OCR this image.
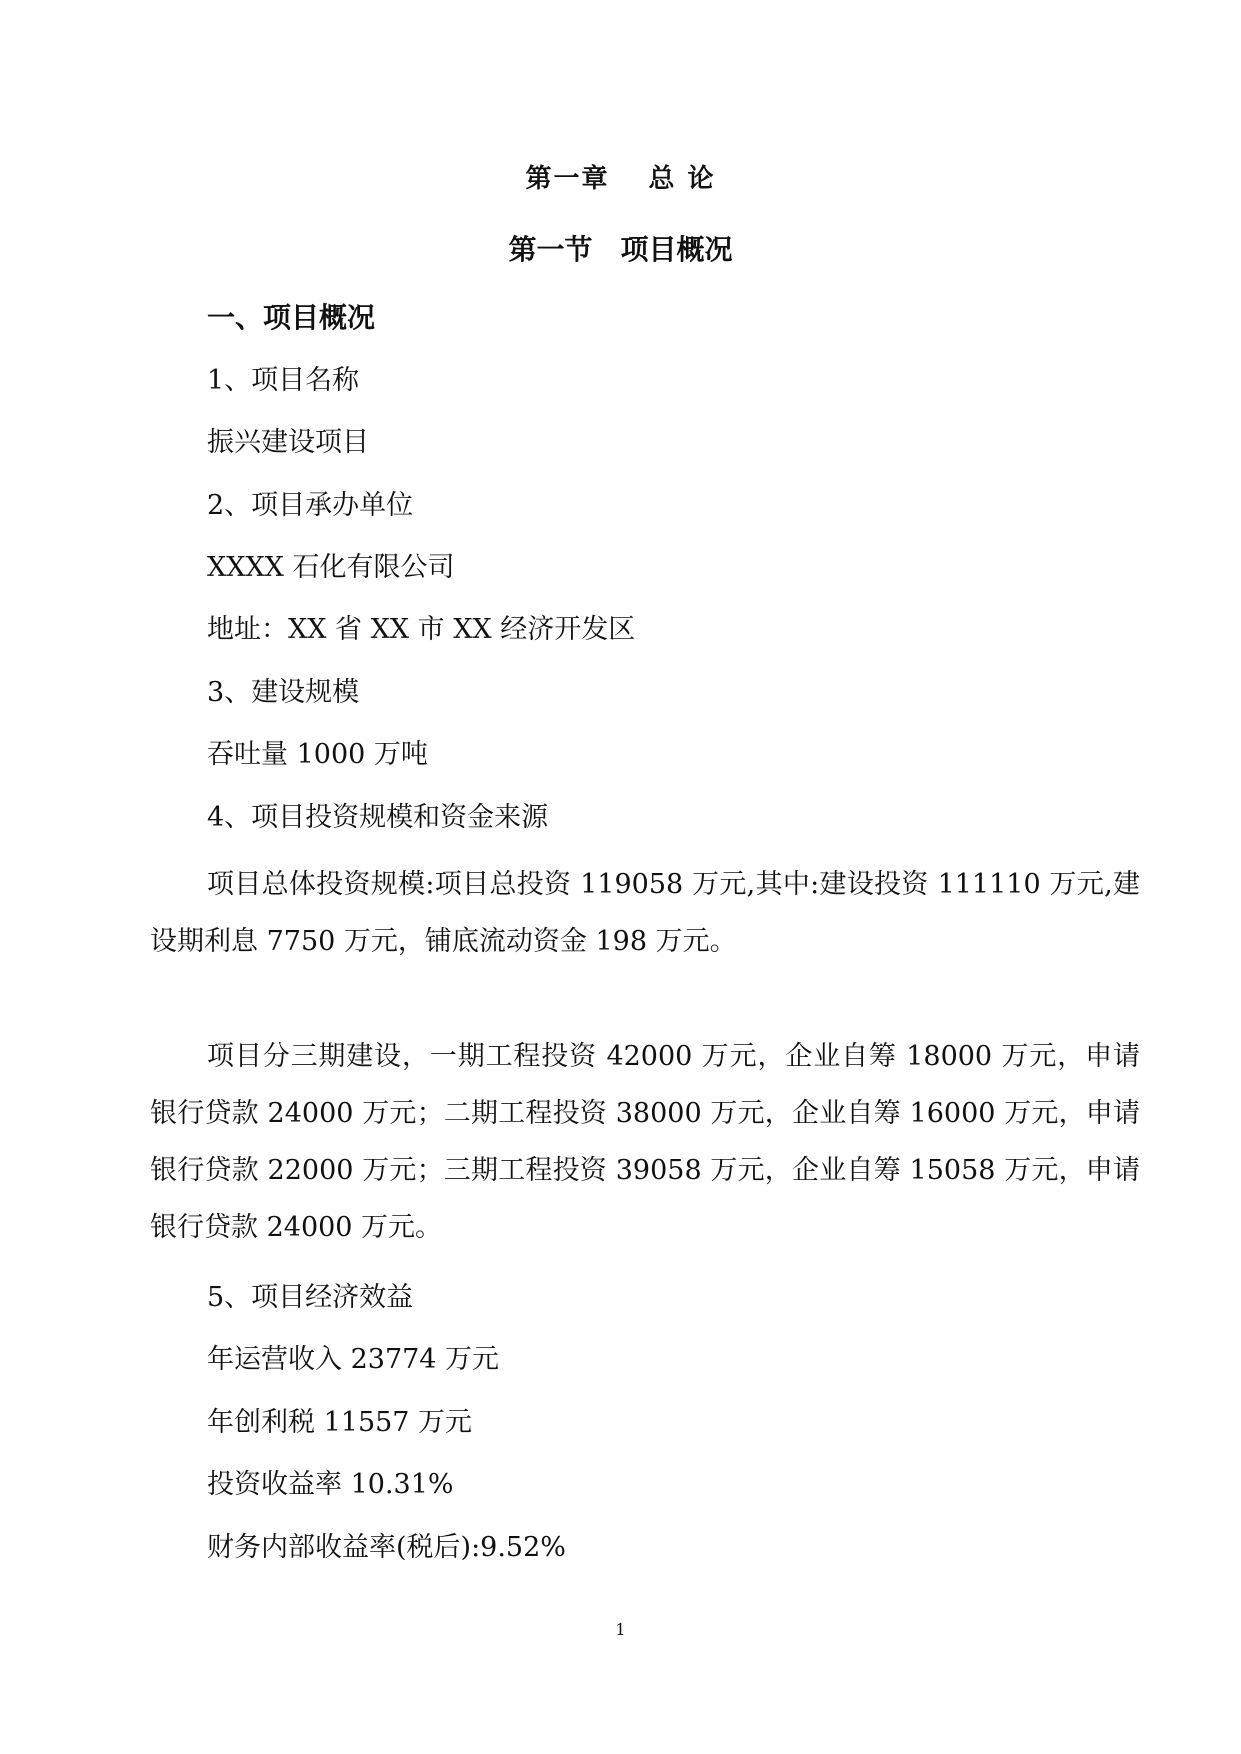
第一章　 总 论
第一节　项目概况
一、项目概况
1、项目名称
振兴建设项目
2、项目承办单位
XXXX 石化有限公司
地址：XX 省 XX 市 XX 经济开发区
3、建设规模
吞吐量 1000 万吨
4、项目投资规模和资金来源
项目总体投资规模:项目总投资 119058 万元,其中:建设投资 111110 万元,建设期利息 7750 万元，铺底流动资金 198 万元。
项目分三期建设，一期工程投资 42000 万元，企业自筹 18000 万元，申请银行贷款 24000 万元；二期工程投资 38000 万元，企业自筹 16000 万元，申请银行贷款 22000 万元；三期工程投资 39058 万元，企业自筹 15058 万元，申请银行贷款 24000 万元。
5、项目经济效益
年运营收入 23774 万元
年创利税 11557 万元
投资收益率 10.31%
财务内部收益率(税后):9.52%
1
